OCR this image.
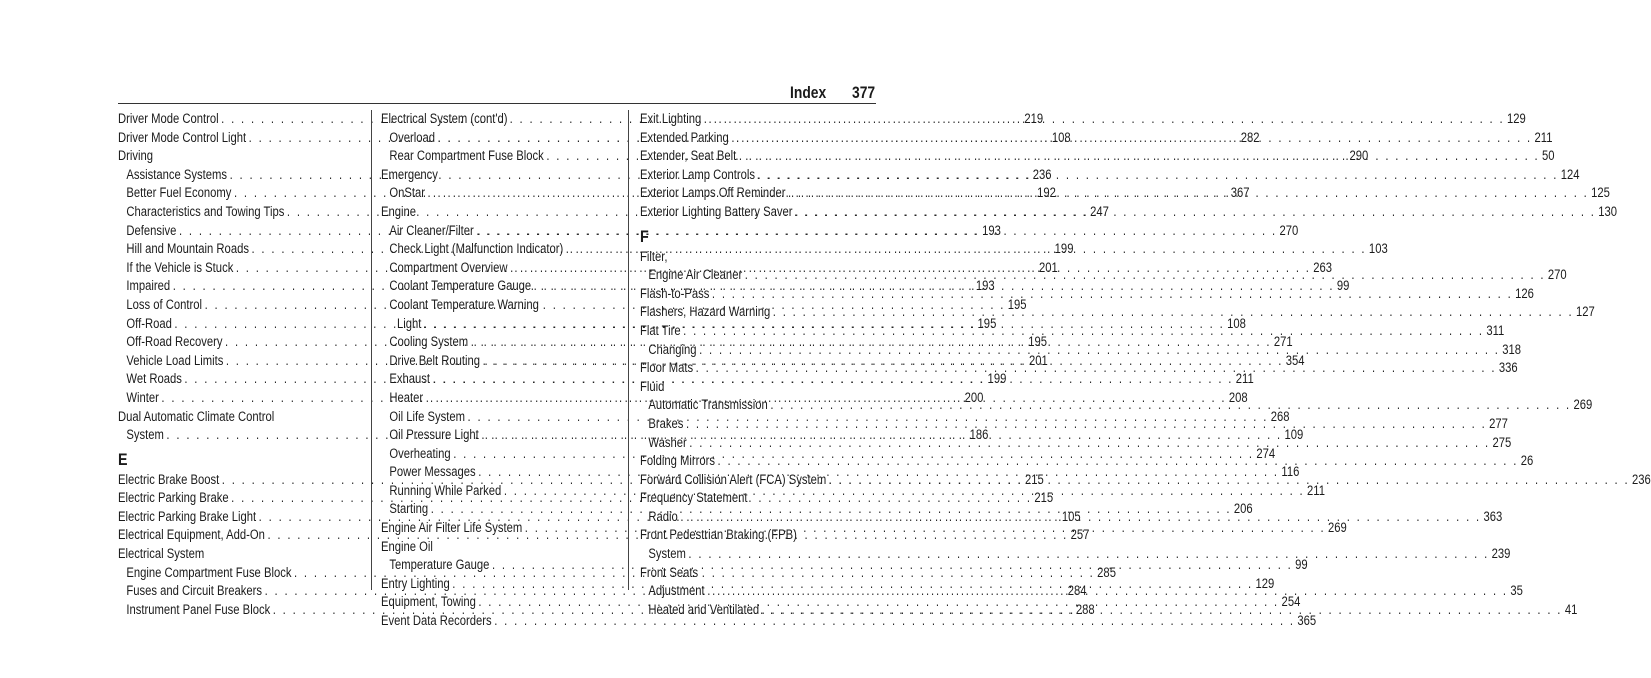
Index 377
Driver Mode Control . . .	219
Driver Mode Control Light . . .	108
Driving
Assistance Systems . . .	236
Better Fuel Economy . . .	192
Characteristics and Towing Tips . . .	247
Defensive . . .	193
Hill and Mountain Roads . . .	199
If the Vehicle is Stuck . . .	201
Impaired . . .	193
Loss of Control . . .	195
Off-Road . . .	195
Off-Road Recovery . . .	195
Vehicle Load Limits . . .	201
Wet Roads . . .	199
Winter . . .	200
Dual Automatic Climate Control
System . . .	186
E
Electric Brake Boost . . .	215
Electric Parking Brake . . .	215
Electric Parking Brake Light . . .	105
Electrical Equipment, Add-On . . .	257
Electrical System
Engine Compartment Fuse Block . . .	285
Fuses and Circuit Breakers . . .	284
Instrument Panel Fuse Block . . .	288
Electrical System (cont'd)
Overload . . .	282
Rear Compartment Fuse Block . . .	290
Emergency
OnStar . . .	367
Engine
Air Cleaner/Filter . . .	270
Check Light (Malfunction Indicator) . . .	103
Compartment Overview . . .	263
Coolant Temperature Gauge . . .	99
Coolant Temperature Warning
Light . . .	108
Cooling System . . .	271
Drive Belt Routing . . .	354
Exhaust . . .	211
Heater . . .	208
Oil Life System . . .	268
Oil Pressure Light . . .	109
Overheating . . .	274
Power Messages . . .	116
Running While Parked . . .	211
Starting . . .	206
Engine Air Filter Life System . . .	269
Engine Oil
Temperature Gauge . . .	99
Entry Lighting . . .	129
Equipment, Towing . . .	254
Event Data Recorders . . .	365
Exit Lighting . . .	129
Extended Parking . . .	211
Extender, Seat Belt . . .	50
Exterior Lamp Controls . . .	124
Exterior Lamps Off Reminder . . .	125
Exterior Lighting Battery Saver . . .	130
F
Filter,
Engine Air Cleaner . . .	270
Flash-to-Pass . . .	126
Flashers, Hazard Warning . . .	127
Flat Tire . . .	311
Changing . . .	318
Floor Mats . . .	336
Fluid
Automatic Transmission . . .	269
Brakes . . .	277
Washer . . .	275
Folding Mirrors . . .	26
Forward Collision Alert (FCA) System . . .	236
Frequency Statement
Radio . . .	363
Front Pedestrian Braking (FPB)
System . . .	239
Front Seats
Adjustment . . .	35
Heated and Ventilated . . .	41
